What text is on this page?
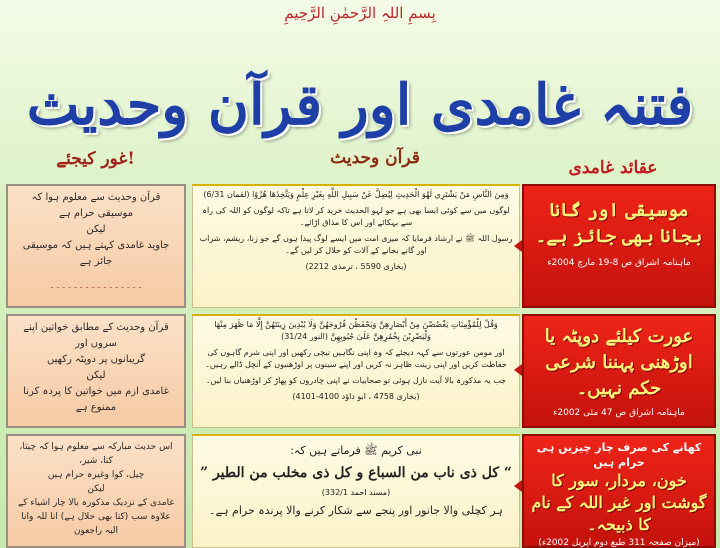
بِسمِ اللہِ الرَّحمٰنِ الرَّحِیمِ
فتنہ غامدی اور قرآن وحدیث
عقائد غامدی
قرآن وحدیث
غور کیجئے!
قرآن وحدیث سے معلوم ہوا کہ موسیقی حرام ہے
لیکن
جاوید غامدی کہتے ہیں کہ موسیقی جائز ہے
۔۔۔۔۔۔۔۔۔۔۔۔۔۔۔۔

وَمِنَ النَّاسِ مَنْ يَشْتَرِي لَهْوَ الْحَدِيثِ لِيُضِلَّ عَنْ سَبِيلِ اللَّهِ بِغَيْرِ عِلْمٍ وَيَتَّخِذَهَا هُزُوًا (لقمان 6/31)

لوگوں میں سے کوئی ایسا بھی ہے جو لہو الحدیث خرید کر لاتا ہے تاکہ لوگوں کو اللہ کی راہ سے بہکائے اور اس کا مذاق اڑائے۔

رسول اللہ ﷺ نے ارشاد فرمایا کہ میری امت میں ایسے لوگ پیدا ہوں گے جو زنا، ریشم، شراب اور گانے بجانے کے آلات کو حلال کر لیں گے۔

(بخاری 5590 ، ترمذی 2212)

موسیقی اور گانا بجانا بھی جائز ہے۔
ماہنامہ اشراق ص 8-19 مارچ 2004ء
قرآن وحدیث کے مطابق خواتین اپنے سروں اور
گریبانوں پر دوپٹہ رکھیں
لیکن
غامدی ازم میں خواتین کا پردہ کرنا ممنوع ہے

وَقُلْ لِلْمُؤْمِنَاتِ يَغْضُضْنَ مِنْ أَبْصَارِهِنَّ وَيَحْفَظْنَ فُرُوجَهُنَّ وَلَا يُبْدِينَ زِينَتَهُنَّ إِلَّا مَا ظَهَرَ مِنْهَا وَلْيَضْرِبْنَ بِخُمُرِهِنَّ عَلَىٰ جُيُوبِهِنَّ (النور 31/24)

اور مومن عورتوں سے کہہ دیجئے کہ وہ اپنی نگاہیں نیچی رکھیں اور اپنی شرم گاہوں کی حفاظت کریں اور اپنی زینت ظاہر نہ کریں اور اپنے سینوں پر اوڑھنیوں کے آنچل ڈالے رہیں۔

جب یہ مذکورہ بالا آیت نازل ہوئی تو صحابیات نے اپنی چادروں کو پھاڑ کر اوڑھنیاں بنا لیں۔

(بخاری 4758 ، ابو داؤد 4100-4101)

عورت کیلئے دوپٹہ یا اوڑھنی پہننا شرعی حکم نہیں۔
ماہنامہ اشراق ص 47 مئی 2002ء
اس حدیث مبارکہ سے معلوم ہوا کہ چیتا، کتا، شیر،
چیل، کوا وغیرہ حرام ہیں
لیکن
غامدی کے نزدیک مذکورہ بالا چار اشیاء کے
علاوہ سب (کتا بھی حلال ہے) انا للہ وانا الیہ راجعون

نبی کریم ﷺ فرماتے ہیں کہ:

“ کل ذی ناب من السباع و کل ذی مخلب من الطیر ”

(مسند احمد 332/1)

ہر کچلی والا جانور اور پنجے سے شکار کرنے والا پرندہ حرام ہے۔

کھانے کی صرف چار چیزیں ہی حرام ہیں
خون، مردار، سور کا گوشت اور غیر اللہ کے نام کا ذبیحہ۔
(میزان صفحہ 311 طبع دوم اپریل 2002ء)
